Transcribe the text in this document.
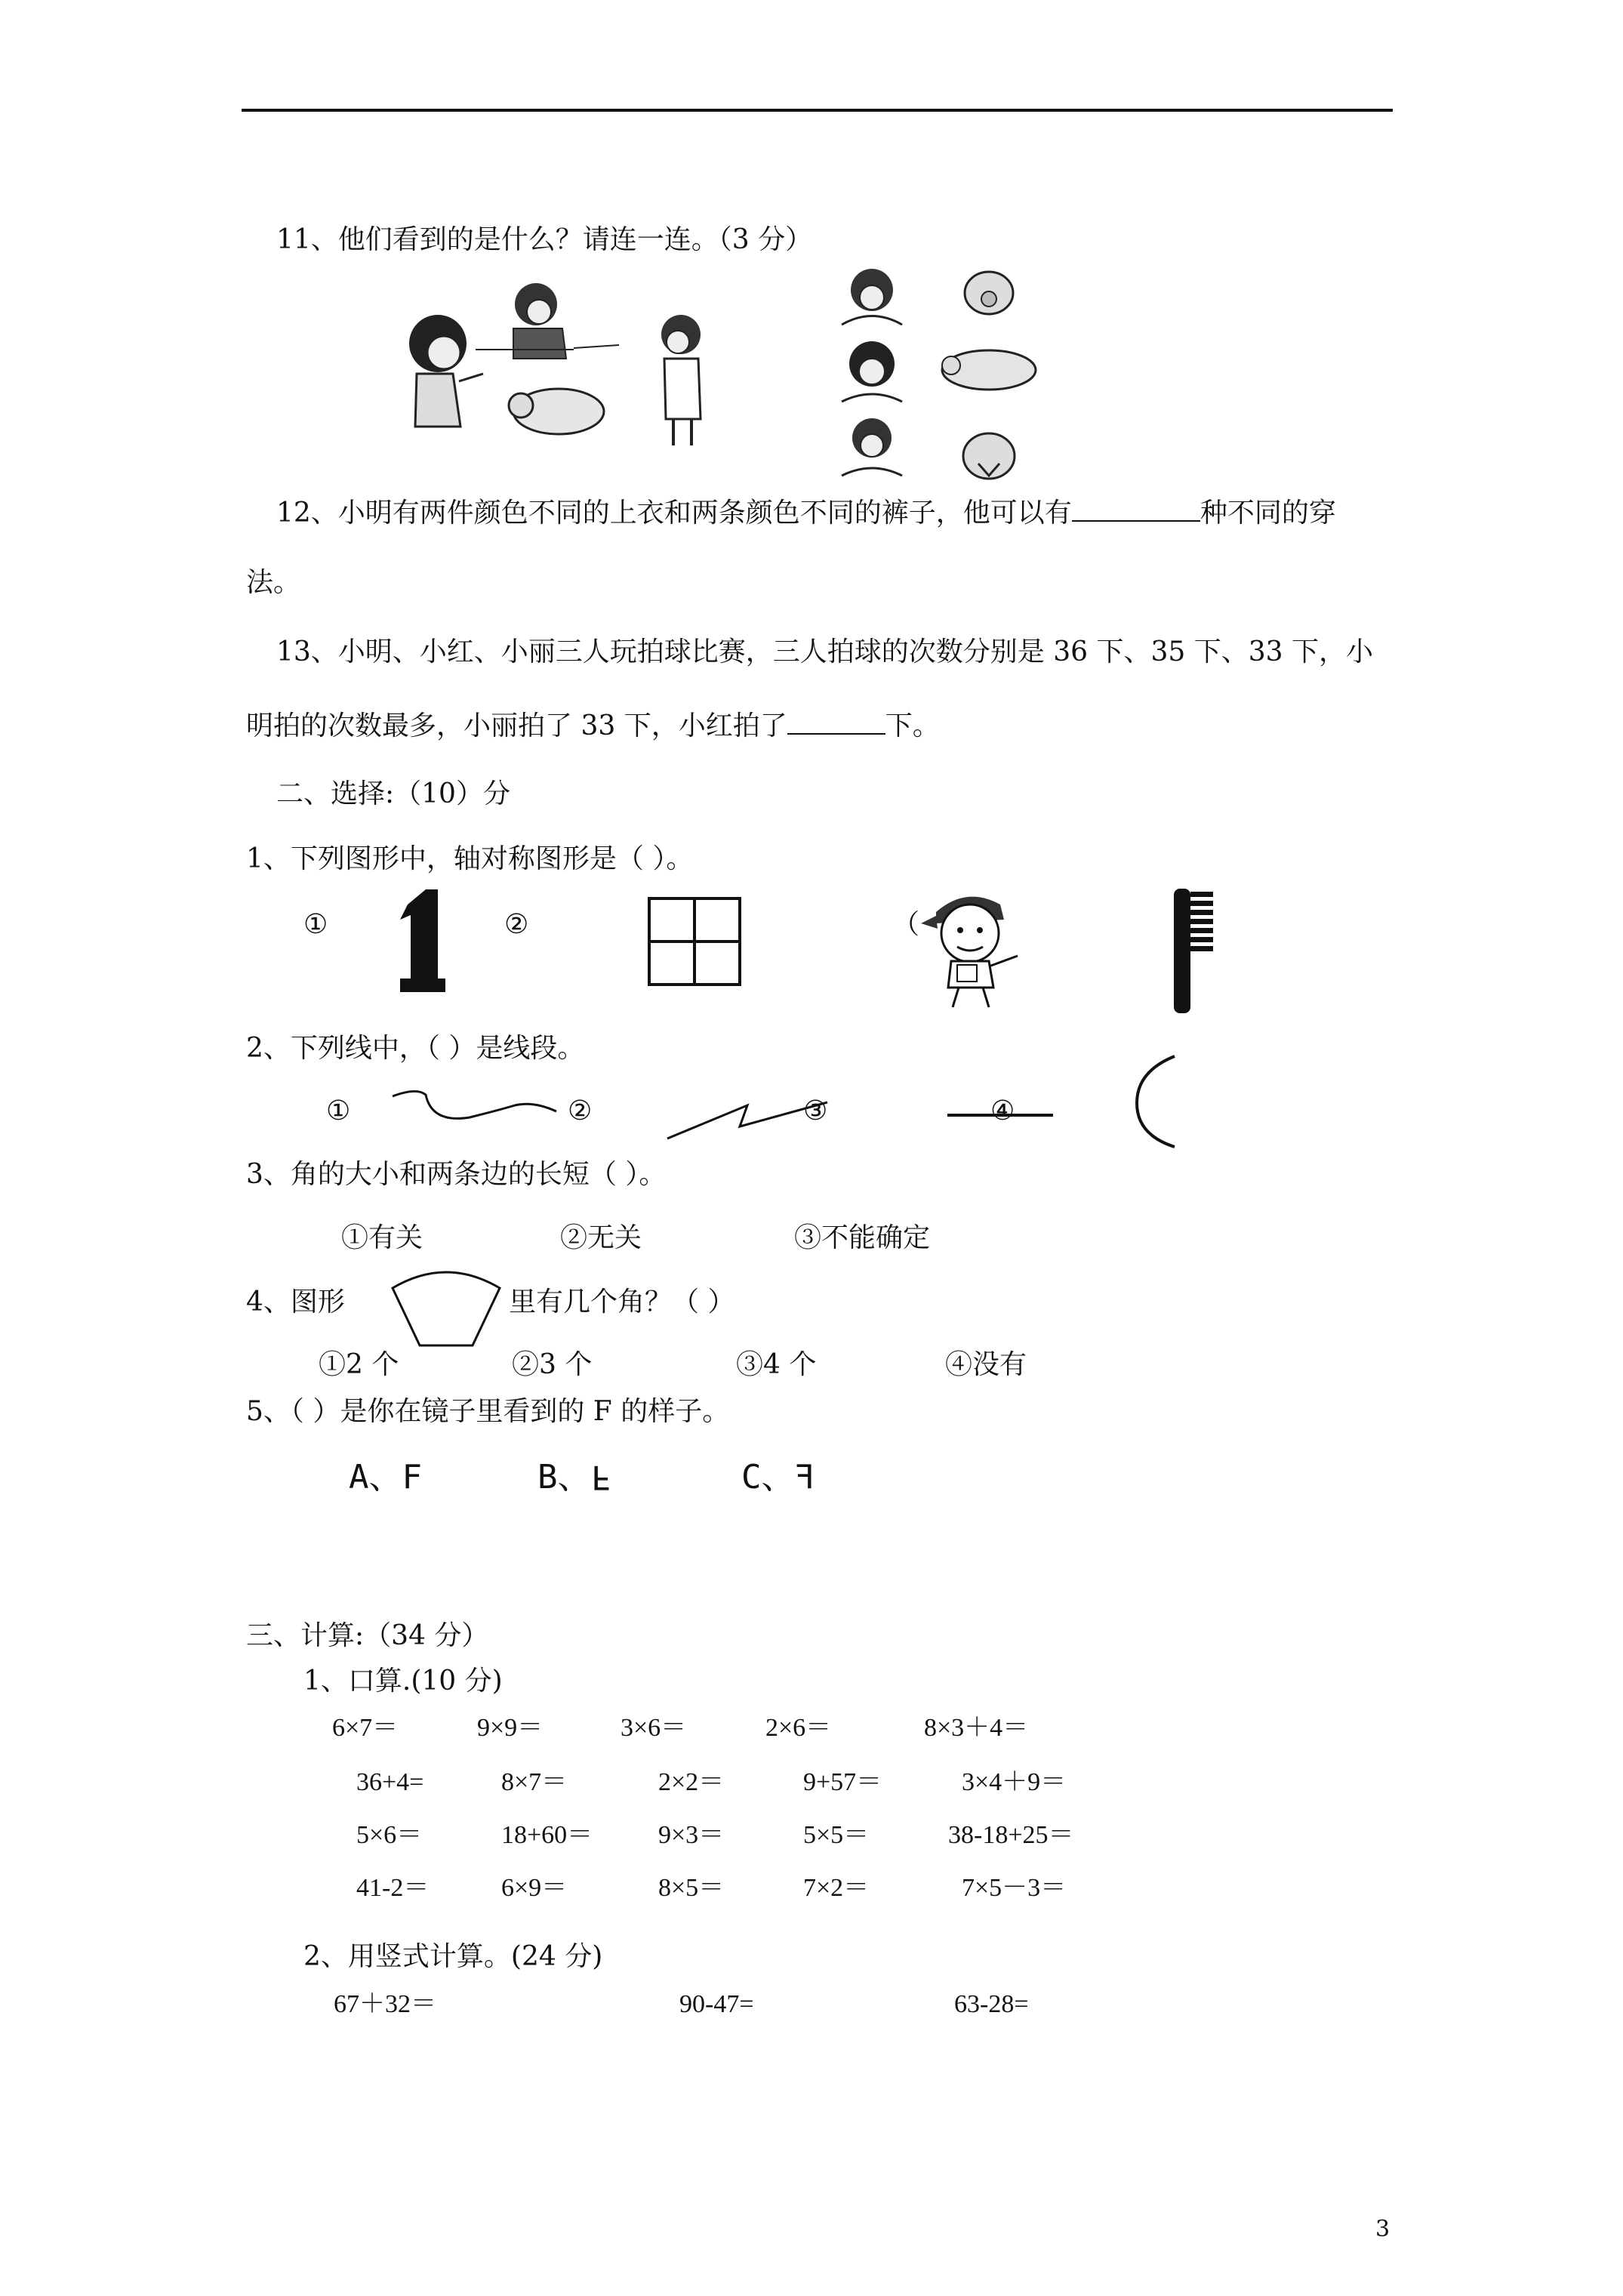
11、他们看到的是什么？请连一连。（3 分）
12、小明有两件颜色不同的上衣和两条颜色不同的裤子，他可以有	种不同的穿
法。
13、小明、小红、小丽三人玩拍球比赛，三人拍球的次数分别是 36 下、35 下、33 下，小
明拍的次数最多，小丽拍了 33 下，小红拍了	下。
二、选择:（10）分
1、下列图形中，轴对称图形是（ ）。
①	②	（
2、下列线中，（ ）是线段。
①	②	③	④
3、角的大小和两条边的长短（ ）。
①有关	②无关	③不能确定
4、图形	里有几个角？（ ）
①2 个	②3 个	③4 个	④没有
5、（ ）是你在镜子里看到的 F 的样子。
A、F	B、F	C、F
三、计算:（34 分）
1、口算.(10 分)
6×7＝	9×9＝	3×6＝	2×6＝	8×3＋4＝
36+4=	8×7＝	2×2＝	9+57＝	3×4＋9＝
5×6＝	18+60＝	9×3＝	5×5＝	38-18+25＝
41-2＝	6×9＝	8×5＝	7×2＝	7×5－3＝
2、用竖式计算。(24 分)
67＋32＝	90-47=	63-28=
3
